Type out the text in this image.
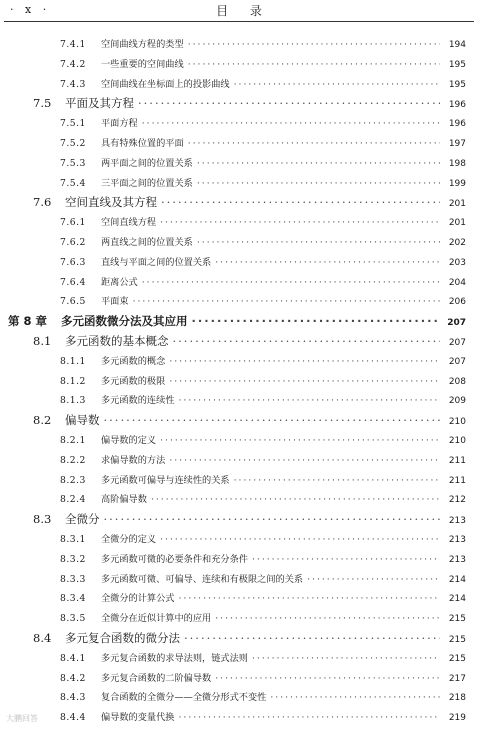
· x ·	目 录
7.4.1	空间曲线方程的类型 ·····	194
7.4.2	一些重要的空间曲线 ·····	195
7.4.3	空间曲线在坐标面上的投影曲线 ·····	195
7.5	平面及其方程 ·····	196
7.5.1	平面方程 ·····	196
7.5.2	具有特殊位置的平面 ·····	197
7.5.3	两平面之间的位置关系 ·····	198
7.5.4	三平面之间的位置关系 ·····	199
7.6	空间直线及其方程 ·····	201
7.6.1	空间直线方程 ·····	201
7.6.2	两直线之间的位置关系 ·····	202
7.6.3	直线与平面之间的位置关系 ·····	203
7.6.4	距离公式 ·····	204
7.6.5	平面束 ·····	206
第 8 章 多元函数微分法及其应用 ·····	207
8.1	多元函数的基本概念 ·····	207
8.1.1	多元函数的概念 ·····	207
8.1.2	多元函数的极限 ·····	208
8.1.3	多元函数的连续性 ·····	209
8.2	偏导数 ·····	210
8.2.1	偏导数的定义 ·····	210
8.2.2	求偏导数的方法 ·····	211
8.2.3	多元函数可偏导与连续性的关系 ·····	211
8.2.4	高阶偏导数 ·····	212
8.3	全微分 ·····	213
8.3.1	全微分的定义 ·····	213
8.3.2	多元函数可微的必要条件和充分条件 ·····	213
8.3.3	多元函数可微、可偏导、连续和有极限之间的关系 ·····	214
8.3.4	全微分的计算公式 ·····	214
8.3.5	全微分在近似计算中的应用 ·····	215
8.4	多元复合函数的微分法 ·····	215
8.4.1	多元复合函数的求导法则，链式法则 ·····	215
8.4.2	多元复合函数的二阶偏导数 ·····	217
8.4.3	复合函数的全微分——全微分形式不变性 ·····	218
8.4.4	偏导数的变量代换 ·····	219
大鹏回答
